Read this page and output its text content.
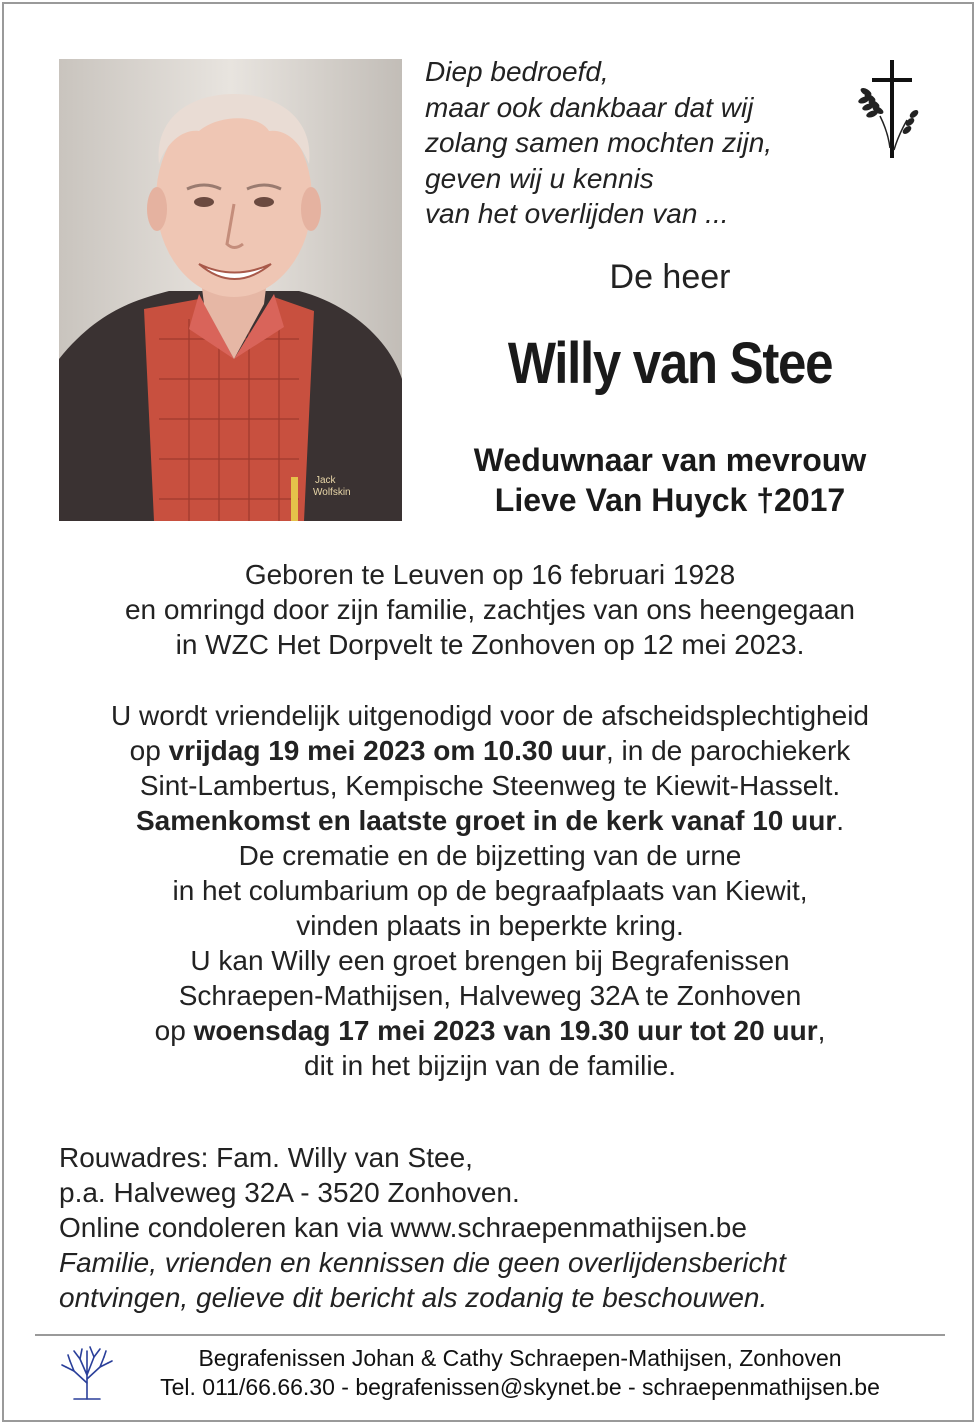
Jack
Wolfskin
Diep bedroefd,
maar ook dankbaar dat wij
zolang samen mochten zijn,
geven wij u kennis
van het overlijden van ...
De heer
Willy van Stee
Weduwnaar van mevrouw
Lieve Van Huyck †2017
Geboren te Leuven op 16 februari 1928
en omringd door zijn familie, zachtjes van ons heengegaan
in WZC Het Dorpvelt te Zonhoven op 12 mei 2023.
U wordt vriendelijk uitgenodigd voor de afscheidsplechtigheid
op vrijdag 19 mei 2023 om 10.30 uur, in de parochiekerk
Sint-Lambertus, Kempische Steenweg te Kiewit-Hasselt.
Samenkomst en laatste groet in de kerk vanaf 10 uur.
De crematie en de bijzetting van de urne
in het columbarium op de begraafplaats van Kiewit,
vinden plaats in beperkte kring.
U kan Willy een groet brengen bij Begrafenissen
Schraepen-Mathijsen, Halveweg 32A te Zonhoven
op woensdag 17 mei 2023 van 19.30 uur tot 20 uur,
dit in het bijzijn van de familie.
Rouwadres: Fam. Willy van Stee,
p.a. Halveweg 32A - 3520 Zonhoven.
Online condoleren kan via www.schraepenmathijsen.be
Familie, vrienden en kennissen die geen overlijdensbericht
ontvingen, gelieve dit bericht als zodanig te beschouwen.
Begrafenissen Johan & Cathy Schraepen-Mathijsen, Zonhoven
Tel. 011/66.66.30 - begrafenissen@skynet.be - schraepenmathijsen.be
